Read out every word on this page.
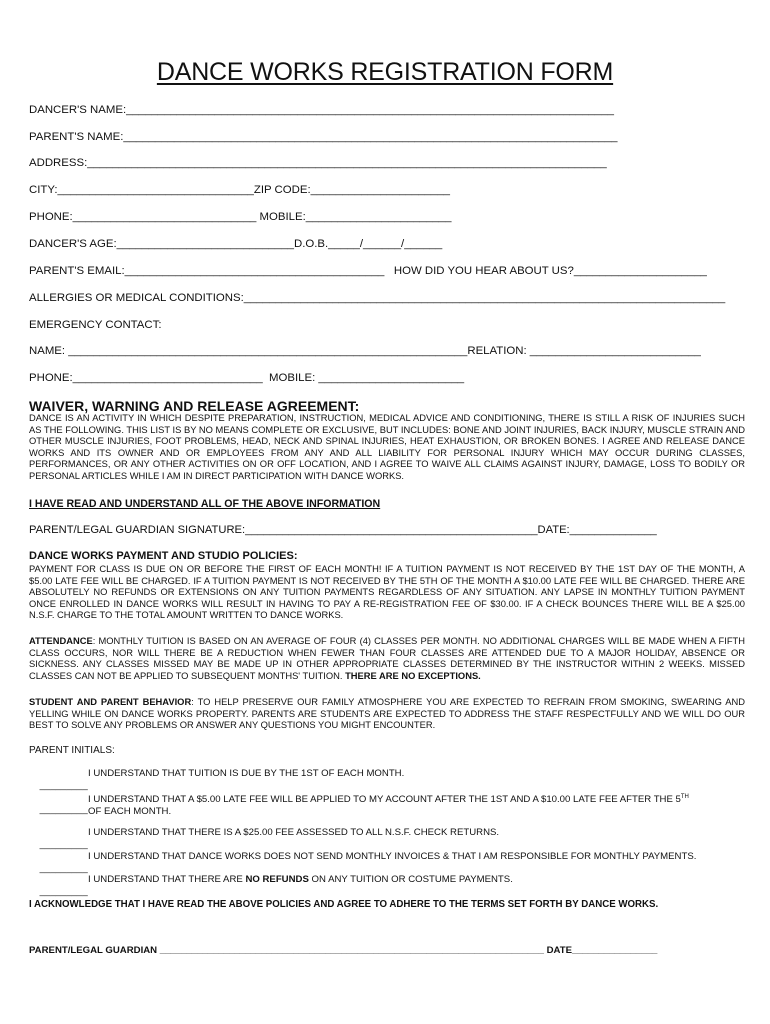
DANCE WORKS REGISTRATION FORM
DANCER'S NAME:_____________________________________________________________________________
PARENT'S NAME:______________________________________________________________________________
ADDRESS:__________________________________________________________________________________
CITY:_______________________________ZIP CODE:______________________
PHONE:_____________________________ MOBILE:_______________________
DANCER'S AGE:____________________________D.O.B._____/______/______
PARENT'S EMAIL:_________________________________________   HOW DID YOU HEAR ABOUT US?_____________________
ALLERGIES OR MEDICAL CONDITIONS:____________________________________________________________________________
EMERGENCY CONTACT:
NAME: _______________________________________________________________RELATION: ___________________________
PHONE:______________________________  MOBILE: _______________________
WAIVER, WARNING AND RELEASE AGREEMENT:
DANCE IS AN ACTIVITY IN WHICH DESPITE PREPARATION, INSTRUCTION, MEDICAL ADVICE AND CONDITIONING, THERE IS STILL A RISK OF INJURIES SUCH AS THE FOLLOWING. THIS LIST IS BY NO MEANS COMPLETE OR EXCLUSIVE, BUT INCLUDES: BONE AND JOINT INJURIES, BACK INJURY, MUSCLE STRAIN AND OTHER MUSCLE INJURIES, FOOT PROBLEMS, HEAD, NECK AND SPINAL INJURIES, HEAT EXHAUSTION, OR BROKEN BONES. I AGREE AND RELEASE DANCE WORKS AND ITS OWNER AND OR EMPLOYEES FROM ANY AND ALL LIABILITY FOR PERSONAL INJURY WHICH MAY OCCUR DURING CLASSES, PERFORMANCES, OR ANY OTHER ACTIVITIES ON OR OFF LOCATION, AND I AGREE TO WAIVE ALL CLAIMS AGAINST INJURY, DAMAGE, LOSS TO BODILY OR PERSONAL ARTICLES WHILE I AM IN DIRECT PARTICIPATION WITH DANCE WORKS.
I HAVE READ AND UNDERSTAND ALL OF THE ABOVE INFORMATION
PARENT/LEGAL GUARDIAN SIGNATURE:_______________________________________________DATE:______________
DANCE WORKS PAYMENT AND STUDIO POLICIES:
PAYMENT FOR CLASS IS DUE ON OR BEFORE THE FIRST OF EACH MONTH! IF A TUITION PAYMENT IS NOT RECEIVED BY THE 1ST DAY OF THE MONTH, A $5.00 LATE FEE WILL BE CHARGED. IF A TUITION PAYMENT IS NOT RECEIVED BY THE 5TH OF THE MONTH A $10.00 LATE FEE WILL BE CHARGED. THERE ARE ABSOLUTELY NO REFUNDS OR EXTENSIONS ON ANY TUITION PAYMENTS REGARDLESS OF ANY SITUATION. ANY LAPSE IN MONTHLY TUITION PAYMENT ONCE ENROLLED IN DANCE WORKS WILL RESULT IN HAVING TO PAY A RE-REGISTRATION FEE OF $30.00. IF A CHECK BOUNCES THERE WILL BE A $25.00 N.S.F. CHARGE TO THE TOTAL AMOUNT WRITTEN TO DANCE WORKS.
ATTENDANCE: MONTHLY TUITION IS BASED ON AN AVERAGE OF FOUR (4) CLASSES PER MONTH. NO ADDITIONAL CHARGES WILL BE MADE WHEN A FIFTH CLASS OCCURS, NOR WILL THERE BE A REDUCTION WHEN FEWER THAN FOUR CLASSES ARE ATTENDED DUE TO A MAJOR HOLIDAY, ABSENCE OR SICKNESS. ANY CLASSES MISSED MAY BE MADE UP IN OTHER APPROPRIATE CLASSES DETERMINED BY THE INSTRUCTOR WITHIN 2 WEEKS. MISSED CLASSES CAN NOT BE APPLIED TO SUBSEQUENT MONTHS' TUITION. THERE ARE NO EXCEPTIONS.
STUDENT AND PARENT BEHAVIOR: TO HELP PRESERVE OUR FAMILY ATMOSPHERE YOU ARE EXPECTED TO REFRAIN FROM SMOKING, SWEARING AND YELLING WHILE ON DANCE WORKS PROPERTY. PARENTS ARE STUDENTS ARE EXPECTED TO ADDRESS THE STAFF RESPECTFULLY AND WE WILL DO OUR BEST TO SOLVE ANY PROBLEMS OR ANSWER ANY QUESTIONS YOU MIGHT ENCOUNTER.
PARENT INITIALS:

_________

I UNDERSTAND THAT TUITION IS DUE BY THE 1ST OF EACH MONTH.

_________

I UNDERSTAND THAT A $5.00 LATE FEE WILL BE APPLIED TO MY ACCOUNT AFTER THE 1ST AND A $10.00 LATE FEE AFTER THE 5TH
OF EACH MONTH.

_________

I UNDERSTAND THAT THERE IS A $25.00 FEE ASSESSED TO ALL N.S.F. CHECK RETURNS.

_________

I UNDERSTAND THAT DANCE WORKS DOES NOT SEND MONTHLY INVOICES & THAT I AM RESPONSIBLE FOR MONTHLY PAYMENTS.

_________

I UNDERSTAND THAT THERE ARE NO REFUNDS ON ANY TUITION OR COSTUME PAYMENTS.

I ACKNOWLEDGE THAT I HAVE READ THE ABOVE POLICIES AND AGREE TO ADHERE TO THE TERMS SET FORTH BY DANCE WORKS.
PARENT/LEGAL GUARDIAN ________________________________________________________________________ DATE________________
